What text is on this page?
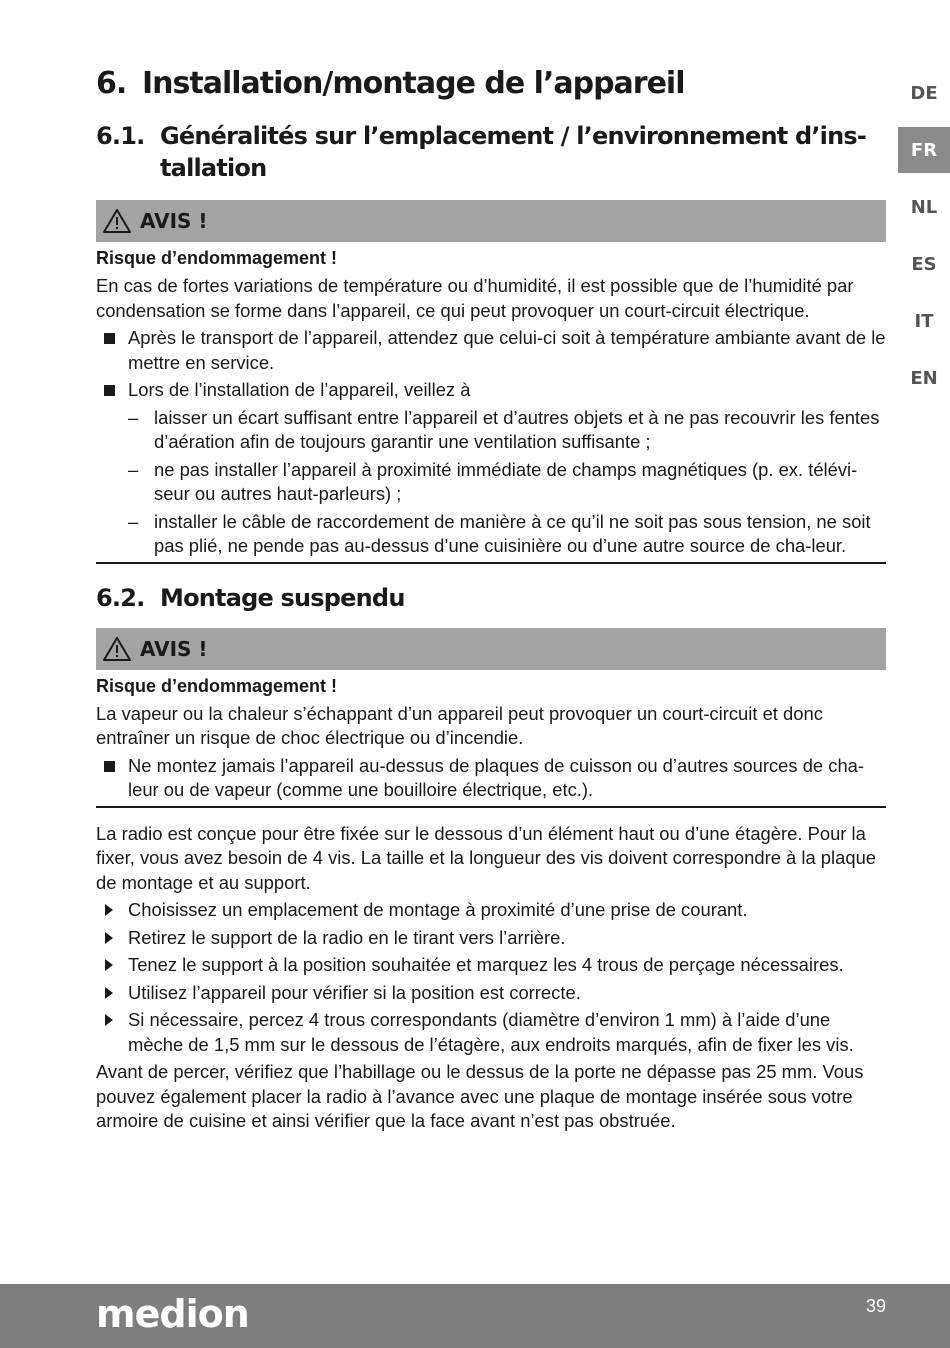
6. Installation/montage de l’appareil
6.1. Généralités sur l’emplacement / l’environnement d’ins-tallation
AVIS !
Risque d’endommagement !

En cas de fortes variations de température ou d’humidité, il est possible que de l’humidité par condensation se forme dans l’appareil, ce qui peut provoquer un court-circuit électrique.

Après le transport de l’appareil, attendez que celui-ci soit à température ambiante avant de le mettre en service.
Lors de l’installation de l’appareil, veillez à
– laisser un écart suffisant entre l’appareil et d’autres objets et à ne pas recouvrir les fentes d’aération afin de toujours garantir une ventilation suffisante ;
– ne pas installer l’appareil à proximité immédiate de champs magnétiques (p. ex. télévi-seur ou autres haut-parleurs) ;
– installer le câble de raccordement de manière à ce qu’il ne soit pas sous tension, ne soit pas plié, ne pende pas au-dessus d’une cuisinière ou d’une autre source de cha-leur.
6.2. Montage suspendu
AVIS !
Risque d’endommagement !

La vapeur ou la chaleur s’échappant d’un appareil peut provoquer un court-circuit et donc entraîner un risque de choc électrique ou d’incendie.

Ne montez jamais l’appareil au-dessus de plaques de cuisson ou d’autres sources de cha-leur ou de vapeur (comme une bouilloire électrique, etc.).

La radio est conçue pour être fixée sur le dessous d’un élément haut ou d’une étagère. Pour la fixer, vous avez besoin de 4 vis. La taille et la longueur des vis doivent correspondre à la plaque de montage et au support.

Choisissez un emplacement de montage à proximité d’une prise de courant.
Retirez le support de la radio en le tirant vers l’arrière.
Tenez le support à la position souhaitée et marquez les 4 trous de perçage nécessaires.
Utilisez l’appareil pour vérifier si la position est correcte.
Si nécessaire, percez 4 trous correspondants (diamètre d’environ 1 mm) à l’aide d’une mèche de 1,5 mm sur le dessous de l’étagère, aux endroits marqués, afin de fixer les vis.

Avant de percer, vérifiez que l’habillage ou le dessus de la porte ne dépasse pas 25 mm. Vous pouvez également placer la radio à l’avance avec une plaque de montage insérée sous votre armoire de cuisine et ainsi vérifier que la face avant n’est pas obstruée.

DE
FR
NL
ES
IT
EN
medion	39
